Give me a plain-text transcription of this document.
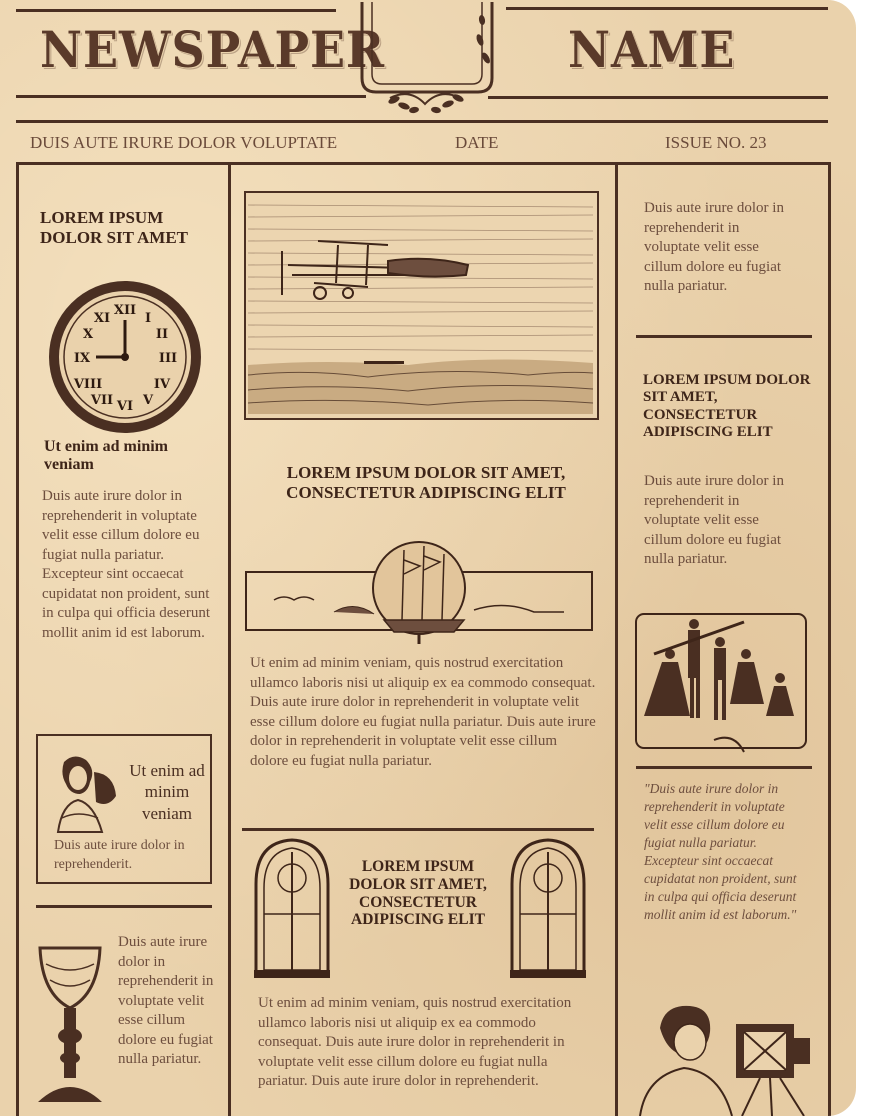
NEWSPAPER	NAME
DUIS AUTE IRURE DOLOR VOLUPTATE	DATE	ISSUE NO. 23
LOREM IPSUM DOLOR SIT AMET
XII
III
VI
IX
I
II
IV
V
VII
VIII
X
XI
Ut enim ad minim veniam
Duis aute irure dolor in reprehenderit in voluptate velit esse cillum dolore eu fugiat nulla pariatur. Excepteur sint occaecat cupidatat non proident, sunt in culpa qui officia deserunt mollit anim id est laborum.
Ut enim ad minim veniam
Duis aute irure dolor in reprehenderit.
Duis aute irure dolor in reprehenderit in voluptate velit esse cillum dolore eu fugiat nulla pariatur.
LOREM IPSUM DOLOR SIT AMET, CONSECTETUR ADIPISCING ELIT
Ut enim ad minim veniam, quis nostrud exercitation ullamco laboris nisi ut aliquip ex ea commodo consequat. Duis aute irure dolor in reprehenderit in voluptate velit esse cillum dolore eu fugiat nulla pariatur. Duis aute irure dolor in reprehenderit in voluptate velit esse cillum dolore eu fugiat nulla pariatur.
LOREM IPSUM DOLOR SIT AMET, CONSECTETUR ADIPISCING ELIT
Ut enim ad minim veniam, quis nostrud exercitation ullamco laboris nisi ut aliquip ex ea commodo consequat. Duis aute irure dolor in reprehenderit in voluptate velit esse cillum dolore eu fugiat nulla pariatur. Duis aute irure dolor in reprehenderit.
Duis aute irure dolor in reprehenderit in voluptate velit esse cillum dolore eu fugiat nulla pariatur.
LOREM IPSUM DOLOR SIT AMET, CONSECTETUR ADIPISCING ELIT
Duis aute irure dolor in reprehenderit in voluptate velit esse cillum dolore eu fugiat nulla pariatur.
"Duis aute irure dolor in reprehenderit in voluptate velit esse cillum dolore eu fugiat nulla pariatur. Excepteur sint occaecat cupidatat non proident, sunt in culpa qui officia deserunt mollit anim id est laborum."
